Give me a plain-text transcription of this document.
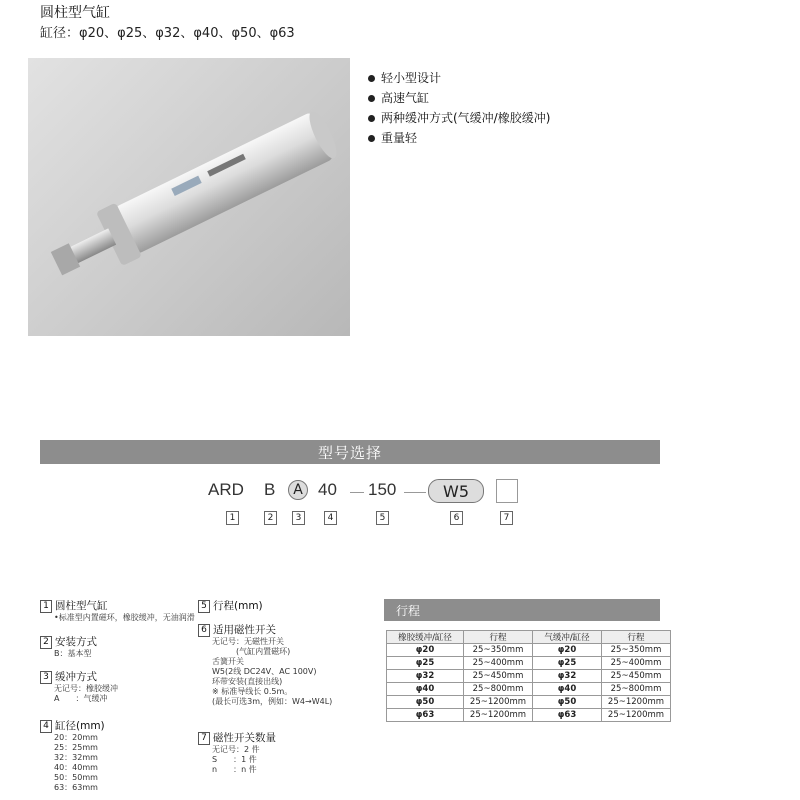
圆柱型气缸
缸径：φ20、φ25、φ32、φ40、φ50、φ63
轻小型设计
高速气缸
两种缓冲方式(气缓冲/橡胶缓冲)
重量轻
型号选择
ARD B	A 40 150	W5
1	2	3	4	5	6	7
1 圆柱型气缸
•标准型内置磁环，橡胶缓冲，无油润滑
2 安装方式
B：基本型
3 缓冲方式
无记号：橡胶缓冲
A　　：气缓冲
4 缸径(mm)
20：20mm
25：25mm
32：32mm
40：40mm
50：50mm
63：63mm
5 行程(mm)
6 适用磁性开关
无记号：无磁性开关
(气缸内置磁环)
舌簧开关
W5(2线 DC24V、AC 100V)
环带安装(直接出线)
※ 标准导线长 0.5m。
(最长可选3m，例如：W4→W4L)
7 磁性开关数量
无记号：2 件
S　　：1 件
n　　：n 件
行程
橡胶缓冲/缸径	行程	气缓冲/缸径	行程
φ20	25~350mm	φ20	25~350mm
φ25	25~400mm	φ25	25~400mm
φ32	25~450mm	φ32	25~450mm
φ40	25~800mm	φ40	25~800mm
φ50	25~1200mm	φ50	25~1200mm
φ63	25~1200mm	φ63	25~1200mm
